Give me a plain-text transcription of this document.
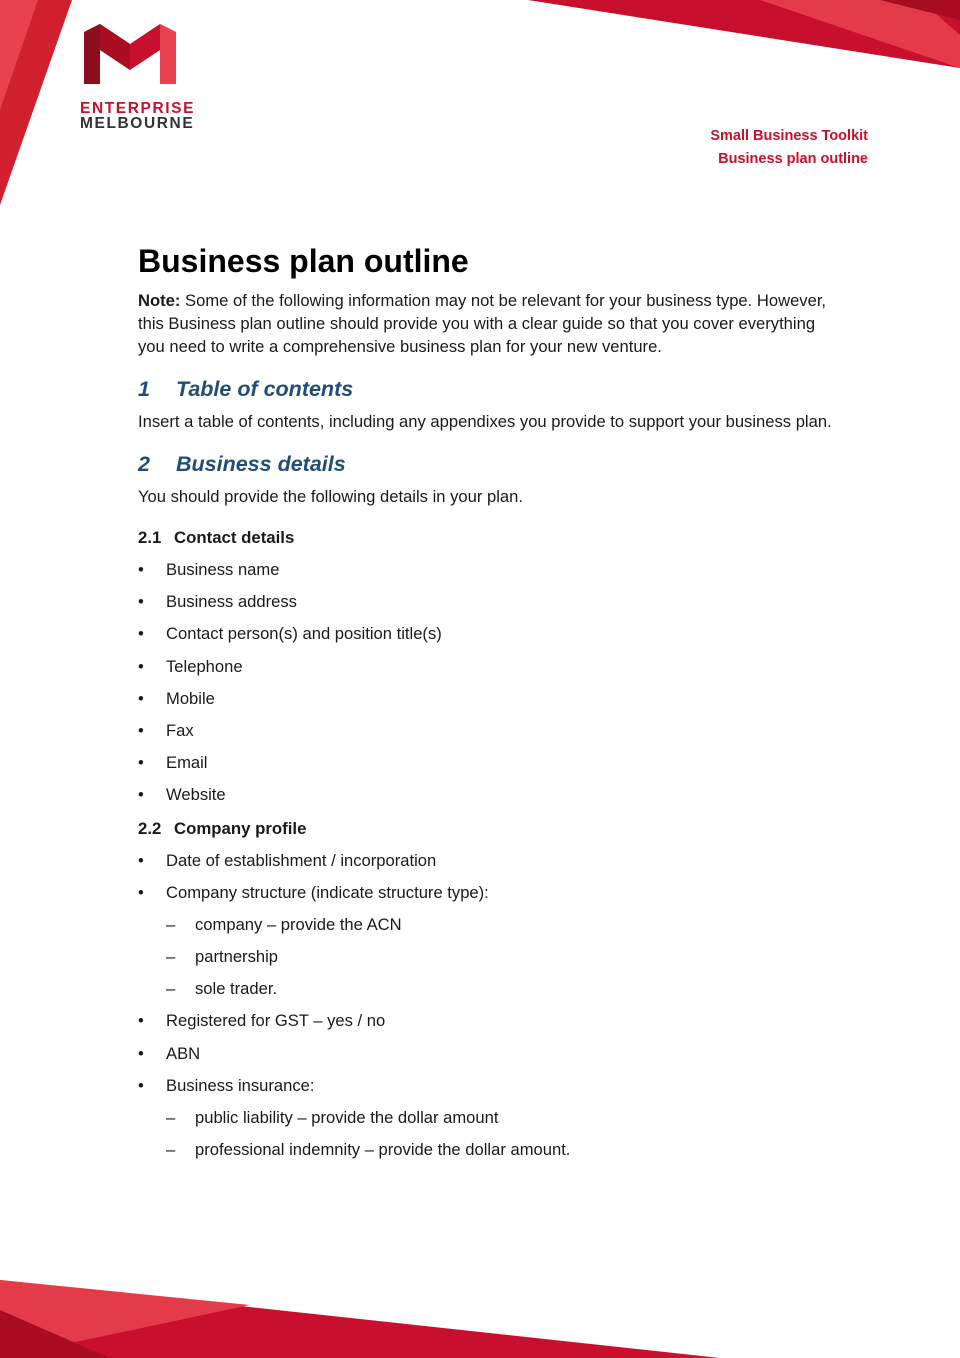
ENTERPRISE

MELBOURNE

Small Business Toolkit
Business plan outline
Business plan outline

Note: Some of the following information may not be relevant for your business type. However, this Business plan outline should provide you with a clear guide so that you cover everything you need to write a comprehensive business plan for your new venture.

1 Table of contents

Insert a table of contents, including any appendixes you provide to support your business plan.

2 Business details

You should provide the following details in your plan.

2.1 Contact details
• Business name
• Business address
• Contact person(s) and position title(s)
• Telephone
• Mobile
• Fax
• Email
• Website
2.2 Company profile
• Date of establishment / incorporation
• Company structure (indicate structure type):
– company – provide the ACN
– partnership
– sole trader.
• Registered for GST – yes / no
• ABN
• Business insurance:
– public liability – provide the dollar amount
– professional indemnity – provide the dollar amount.
